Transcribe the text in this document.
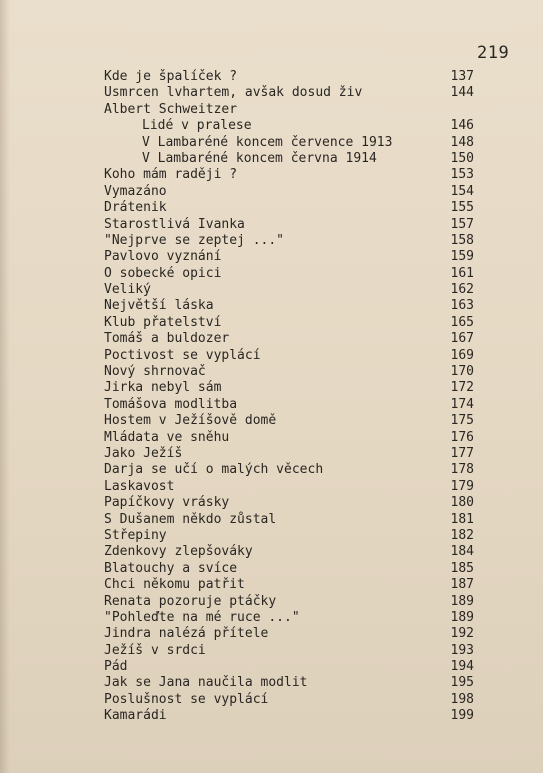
219
Kde je špalíček ?	137
Usmrcen lvhartem, avšak dosud živ	144
Albert Schweitzer
Lidé v pralese	146
V Lambaréné koncem července 1913	148
V Lambaréné koncem června 1914	150
Koho mám raději ?	153
Vymazáno	154
Drátenik	155
Starostlivá Ivanka	157
"Nejprve se zeptej ..."	158
Pavlovo vyznání	159
O sobecké opici	161
Veliký	162
Největší láska	163
Klub přatelství	165
Tomáš a buldozer	167
Poctivost se vyplácí	169
Nový shrnovač	170
Jirka nebyl sám	172
Tomášova modlitba	174
Hostem v Ježíšově domě	175
Mládata ve sněhu	176
Jako Ježíš	177
Darja se učí o malých věcech	178
Laskavost	179
Papíčkovy vrásky	180
S Dušanem někdo zůstal	181
Střepiny	182
Zdenkovy zlepšováky	184
Blatouchy a svíce	185
Chci někomu patřit	187
Renata pozoruje ptáčky	189
"Pohleďte na mé ruce ..."	189
Jindra nalézá přítele	192
Ježíš v srdci	193
Pád	194
Jak se Jana naučila modlit	195
Poslušnost se vyplácí	198
Kamarádi	199
